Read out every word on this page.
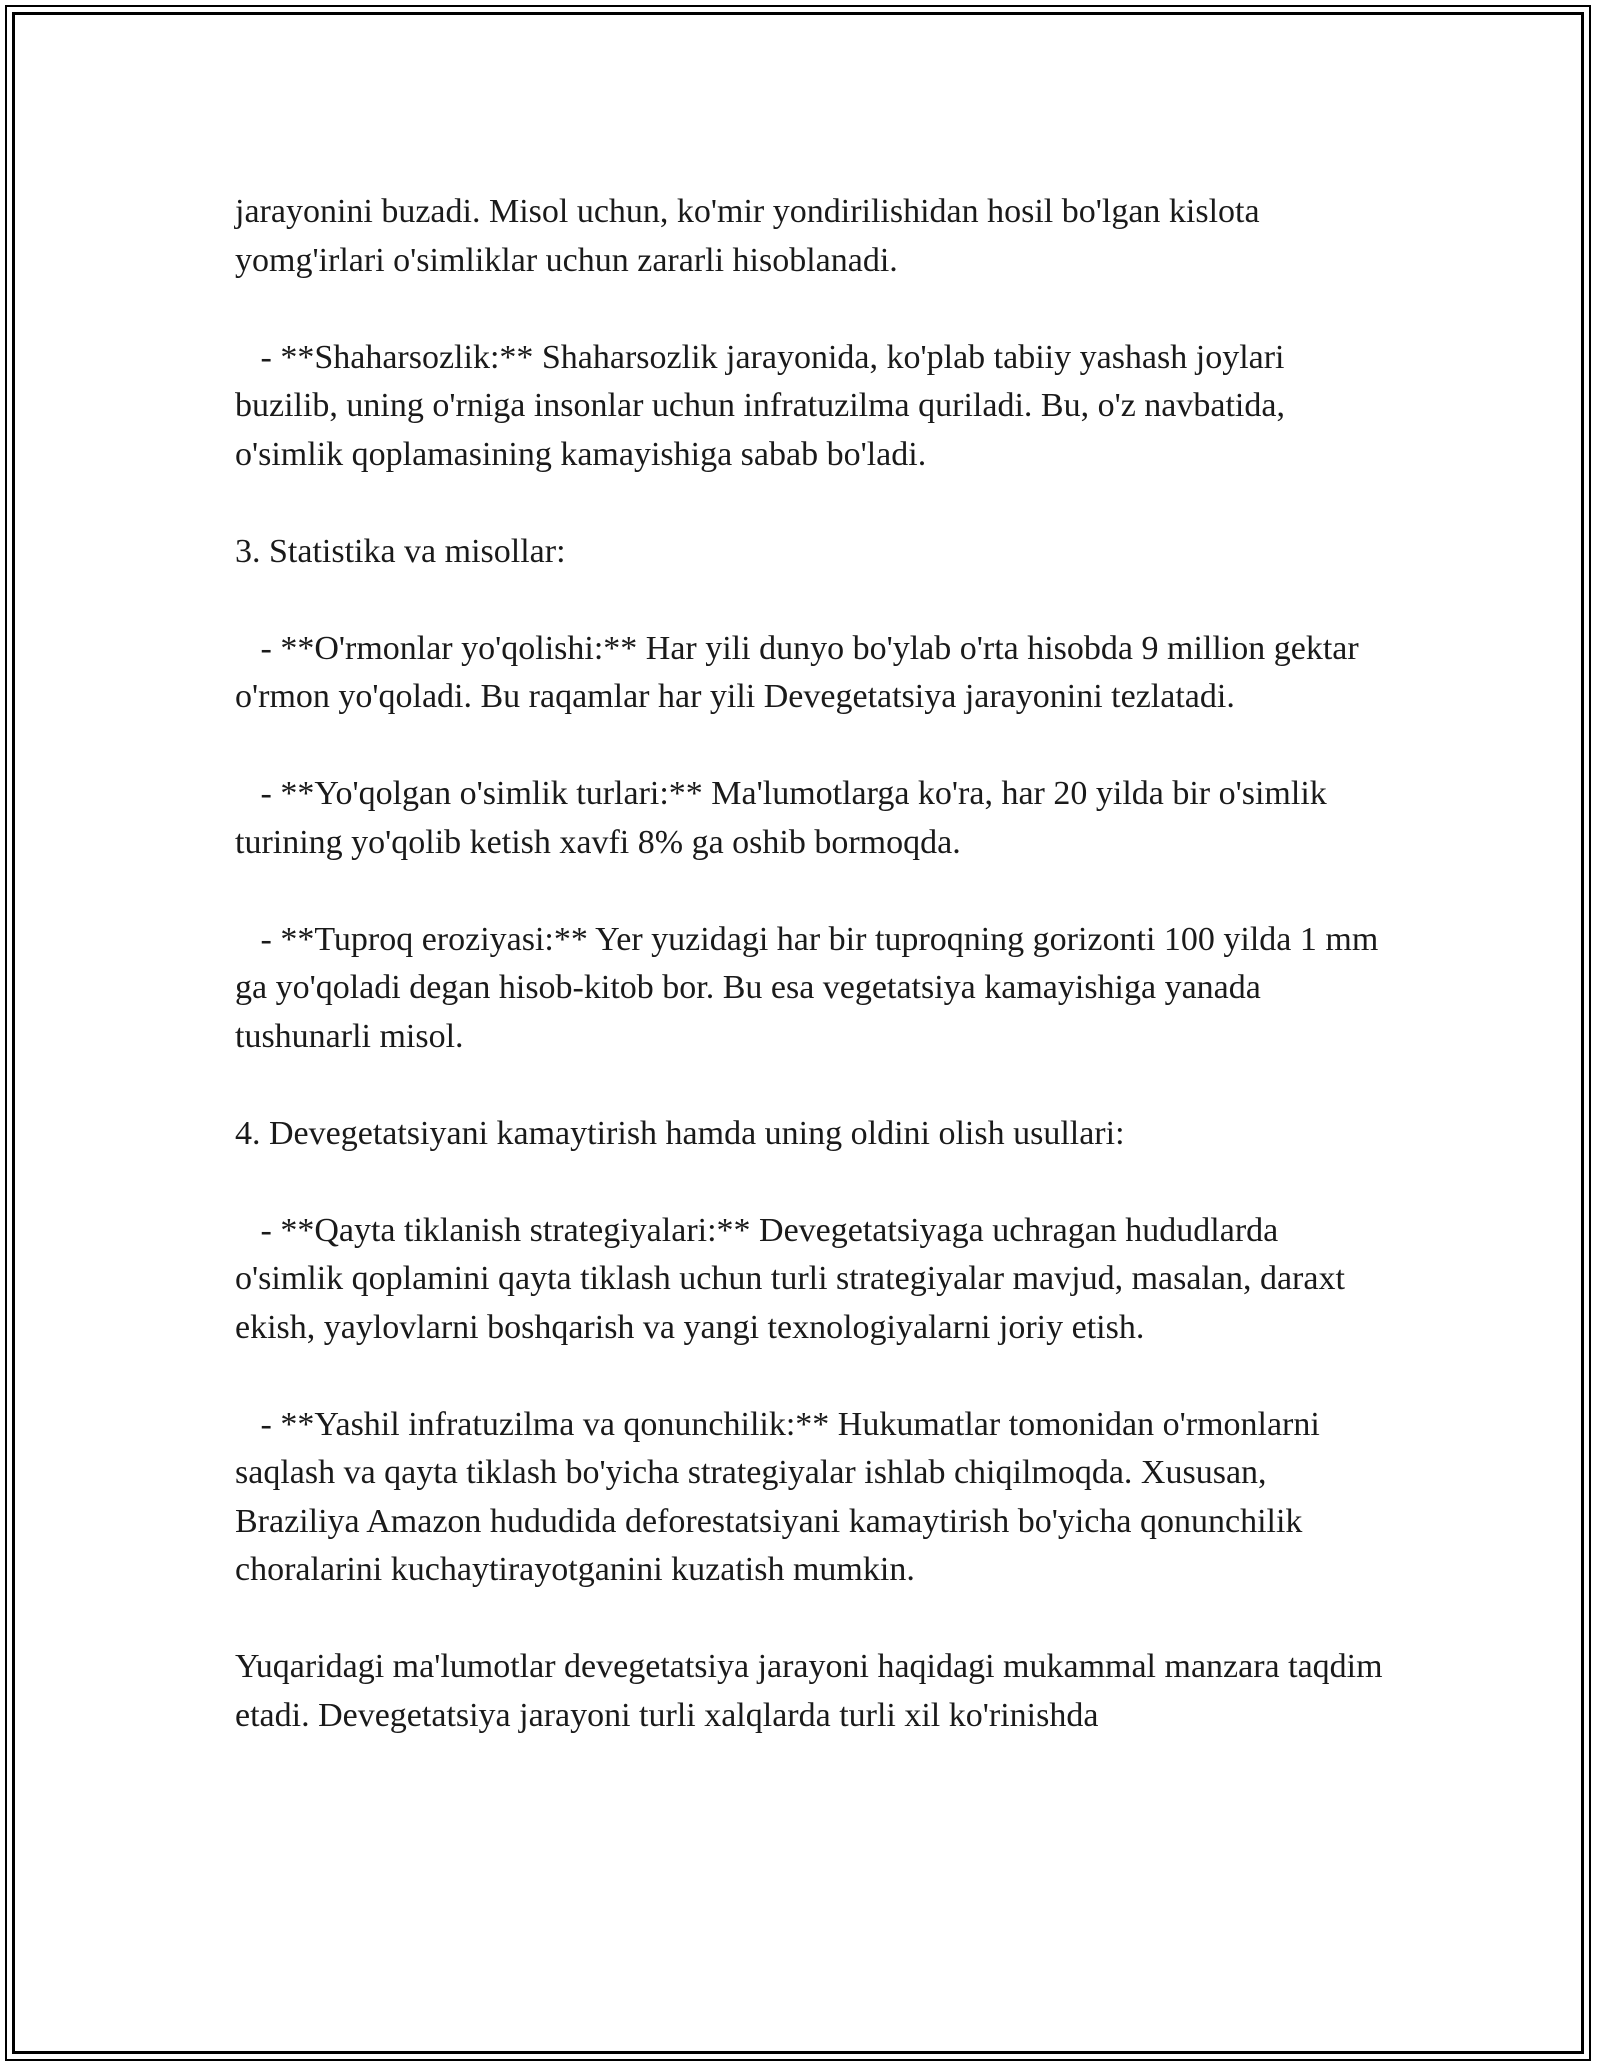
jarayonini buzadi. Misol uchun, ko'mir yondirilishidan hosil bo'lgan kislota yomg'irlari o'simliklar uchun zararli hisoblanadi.

- **Shaharsozlik:** Shaharsozlik jarayonida, ko'plab tabiiy yashash joylari buzilib, uning o'rniga insonlar uchun infratuzilma quriladi. Bu, o'z navbatida, o'simlik qoplamasining kamayishiga sabab bo'ladi.

3. Statistika va misollar:

- **O'rmonlar yo'qolishi:** Har yili dunyo bo'ylab o'rta hisobda 9 million gektar o'rmon yo'qoladi. Bu raqamlar har yili Devegetatsiya jarayonini tezlatadi.

- **Yo'qolgan o'simlik turlari:** Ma'lumotlarga ko'ra, har 20 yilda bir o'simlik turining yo'qolib ketish xavfi 8% ga oshib bormoqda.

- **Tuproq eroziyasi:** Yer yuzidagi har bir tuproqning gorizonti 100 yilda 1 mm ga yo'qoladi degan hisob-kitob bor. Bu esa vegetatsiya kamayishiga yanada tushunarli misol.

4. Devegetatsiyani kamaytirish hamda uning oldini olish usullari:

- **Qayta tiklanish strategiyalari:** Devegetatsiyaga uchragan hududlarda o'simlik qoplamini qayta tiklash uchun turli strategiyalar mavjud, masalan, daraxt ekish, yaylovlarni boshqarish va yangi texnologiyalarni joriy etish.

- **Yashil infratuzilma va qonunchilik:** Hukumatlar tomonidan o'rmonlarni saqlash va qayta tiklash bo'yicha strategiyalar ishlab chiqilmoqda. Xususan, Braziliya Amazon hududida deforestatsiyani kamaytirish bo'yicha qonunchilik choralarini kuchaytirayotganini kuzatish mumkin.

Yuqaridagi ma'lumotlar devegetatsiya jarayoni haqidagi mukammal manzara taqdim etadi. Devegetatsiya jarayoni turli xalqlarda turli xil ko'rinishda
